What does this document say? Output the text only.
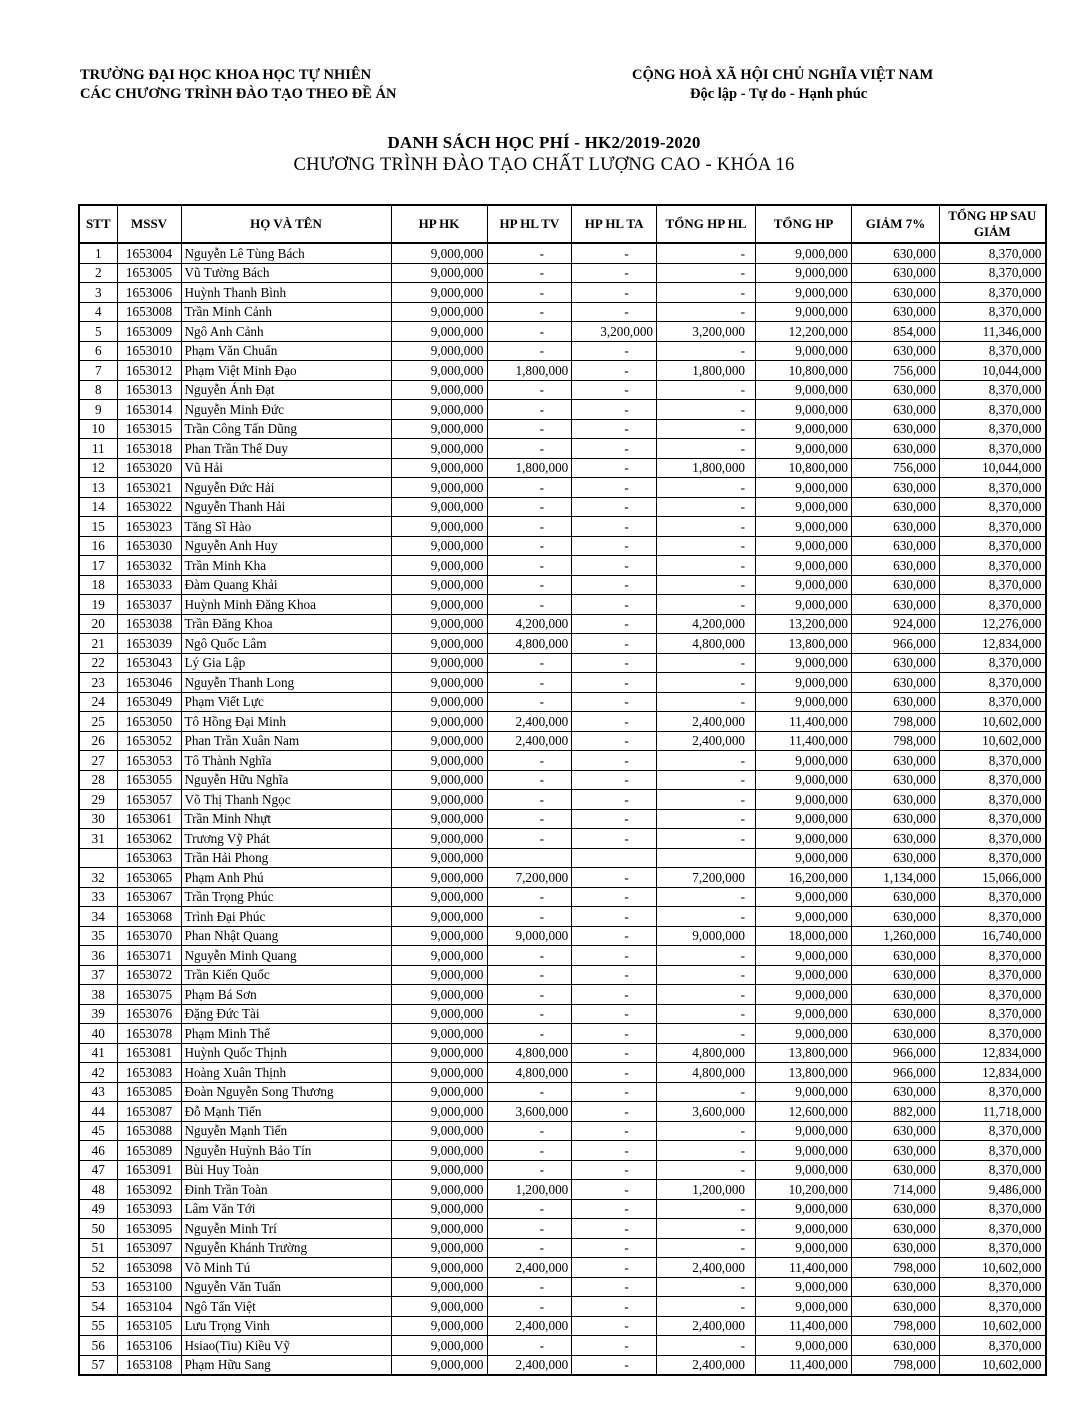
TRƯỜNG ĐẠI HỌC KHOA HỌC TỰ NHIÊN
CÁC CHƯƠNG TRÌNH ĐÀO TẠO THEO ĐỀ ÁN
CỘNG HOÀ XÃ HỘI CHỦ NGHĨA VIỆT NAM
Độc lập - Tự do - Hạnh phúc
DANH SÁCH HỌC PHÍ - HK2/2019-2020
CHƯƠNG TRÌNH ĐÀO TẠO CHẤT LƯỢNG CAO - KHÓA 16
STT	MSSV	HỌ VÀ TÊN	HP HK	HP HL TV	HP HL TA	TỔNG HP HL	TỔNG HP	GIẢM 7%	TỔNG HP SAU GIẢM
1	1653004	Nguyễn Lê Tùng Bách	9,000,000	-	-	-	9,000,000	630,000	8,370,000
2	1653005	Vũ Tường Bách	9,000,000	-	-	-	9,000,000	630,000	8,370,000
3	1653006	Huỳnh Thanh Bình	9,000,000	-	-	-	9,000,000	630,000	8,370,000
4	1653008	Trần Minh Cảnh	9,000,000	-	-	-	9,000,000	630,000	8,370,000
5	1653009	Ngô Anh Cảnh	9,000,000	-	3,200,000	3,200,000	12,200,000	854,000	11,346,000
6	1653010	Phạm Văn Chuẩn	9,000,000	-	-	-	9,000,000	630,000	8,370,000
7	1653012	Phạm Việt Minh Đạo	9,000,000	1,800,000	-	1,800,000	10,800,000	756,000	10,044,000
8	1653013	Nguyễn Ánh Đạt	9,000,000	-	-	-	9,000,000	630,000	8,370,000
9	1653014	Nguyễn Minh Đức	9,000,000	-	-	-	9,000,000	630,000	8,370,000
10	1653015	Trần Công Tấn Dũng	9,000,000	-	-	-	9,000,000	630,000	8,370,000
11	1653018	Phan Trần Thế Duy	9,000,000	-	-	-	9,000,000	630,000	8,370,000
12	1653020	Vũ Hải	9,000,000	1,800,000	-	1,800,000	10,800,000	756,000	10,044,000
13	1653021	Nguyễn Đức Hải	9,000,000	-	-	-	9,000,000	630,000	8,370,000
14	1653022	Nguyễn Thanh Hải	9,000,000	-	-	-	9,000,000	630,000	8,370,000
15	1653023	Tăng Sĩ Hào	9,000,000	-	-	-	9,000,000	630,000	8,370,000
16	1653030	Nguyễn Anh Huy	9,000,000	-	-	-	9,000,000	630,000	8,370,000
17	1653032	Trần Minh Kha	9,000,000	-	-	-	9,000,000	630,000	8,370,000
18	1653033	Đàm Quang Khải	9,000,000	-	-	-	9,000,000	630,000	8,370,000
19	1653037	Huỳnh Minh Đăng Khoa	9,000,000	-	-	-	9,000,000	630,000	8,370,000
20	1653038	Trần Đăng Khoa	9,000,000	4,200,000	-	4,200,000	13,200,000	924,000	12,276,000
21	1653039	Ngô Quốc Lâm	9,000,000	4,800,000	-	4,800,000	13,800,000	966,000	12,834,000
22	1653043	Lý Gia Lập	9,000,000	-	-	-	9,000,000	630,000	8,370,000
23	1653046	Nguyễn Thanh Long	9,000,000	-	-	-	9,000,000	630,000	8,370,000
24	1653049	Phạm Viết Lực	9,000,000	-	-	-	9,000,000	630,000	8,370,000
25	1653050	Tô Hồng Đại Minh	9,000,000	2,400,000	-	2,400,000	11,400,000	798,000	10,602,000
26	1653052	Phan Trần Xuân Nam	9,000,000	2,400,000	-	2,400,000	11,400,000	798,000	10,602,000
27	1653053	Tô Thành Nghĩa	9,000,000	-	-	-	9,000,000	630,000	8,370,000
28	1653055	Nguyễn Hữu Nghĩa	9,000,000	-	-	-	9,000,000	630,000	8,370,000
29	1653057	Võ Thị Thanh Ngọc	9,000,000	-	-	-	9,000,000	630,000	8,370,000
30	1653061	Trần Minh Nhựt	9,000,000	-	-	-	9,000,000	630,000	8,370,000
31	1653062	Trương Vỹ Phát	9,000,000	-	-	-	9,000,000	630,000	8,370,000
	1653063	Trần Hải Phong	9,000,000				9,000,000	630,000	8,370,000
32	1653065	Phạm Anh Phú	9,000,000	7,200,000	-	7,200,000	16,200,000	1,134,000	15,066,000
33	1653067	Trần Trọng Phúc	9,000,000	-	-	-	9,000,000	630,000	8,370,000
34	1653068	Trình Đại Phúc	9,000,000	-	-	-	9,000,000	630,000	8,370,000
35	1653070	Phan Nhật Quang	9,000,000	9,000,000	-	9,000,000	18,000,000	1,260,000	16,740,000
36	1653071	Nguyễn Minh Quang	9,000,000	-	-	-	9,000,000	630,000	8,370,000
37	1653072	Trần Kiến Quốc	9,000,000	-	-	-	9,000,000	630,000	8,370,000
38	1653075	Phạm Bá Sơn	9,000,000	-	-	-	9,000,000	630,000	8,370,000
39	1653076	Đặng Đức Tài	9,000,000	-	-	-	9,000,000	630,000	8,370,000
40	1653078	Phạm Minh Thế	9,000,000	-	-	-	9,000,000	630,000	8,370,000
41	1653081	Huỳnh Quốc Thịnh	9,000,000	4,800,000	-	4,800,000	13,800,000	966,000	12,834,000
42	1653083	Hoàng Xuân Thịnh	9,000,000	4,800,000	-	4,800,000	13,800,000	966,000	12,834,000
43	1653085	Đoàn Nguyễn Song Thương	9,000,000	-	-	-	9,000,000	630,000	8,370,000
44	1653087	Đỗ Mạnh Tiến	9,000,000	3,600,000	-	3,600,000	12,600,000	882,000	11,718,000
45	1653088	Nguyễn Mạnh Tiến	9,000,000	-	-	-	9,000,000	630,000	8,370,000
46	1653089	Nguyễn Huỳnh Bảo Tín	9,000,000	-	-	-	9,000,000	630,000	8,370,000
47	1653091	Bùi Huy Toàn	9,000,000	-	-	-	9,000,000	630,000	8,370,000
48	1653092	Đinh Trần Toàn	9,000,000	1,200,000	-	1,200,000	10,200,000	714,000	9,486,000
49	1653093	Lâm Văn Tới	9,000,000	-	-	-	9,000,000	630,000	8,370,000
50	1653095	Nguyễn Minh Trí	9,000,000	-	-	-	9,000,000	630,000	8,370,000
51	1653097	Nguyễn Khánh Trường	9,000,000	-	-	-	9,000,000	630,000	8,370,000
52	1653098	Võ Minh Tú	9,000,000	2,400,000	-	2,400,000	11,400,000	798,000	10,602,000
53	1653100	Nguyễn Văn Tuấn	9,000,000	-	-	-	9,000,000	630,000	8,370,000
54	1653104	Ngô Tấn Việt	9,000,000	-	-	-	9,000,000	630,000	8,370,000
55	1653105	Lưu Trọng Vinh	9,000,000	2,400,000	-	2,400,000	11,400,000	798,000	10,602,000
56	1653106	Hsiao(Tiu) Kiều Vỹ	9,000,000	-	-	-	9,000,000	630,000	8,370,000
57	1653108	Phạm Hữu Sang	9,000,000	2,400,000	-	2,400,000	11,400,000	798,000	10,602,000
